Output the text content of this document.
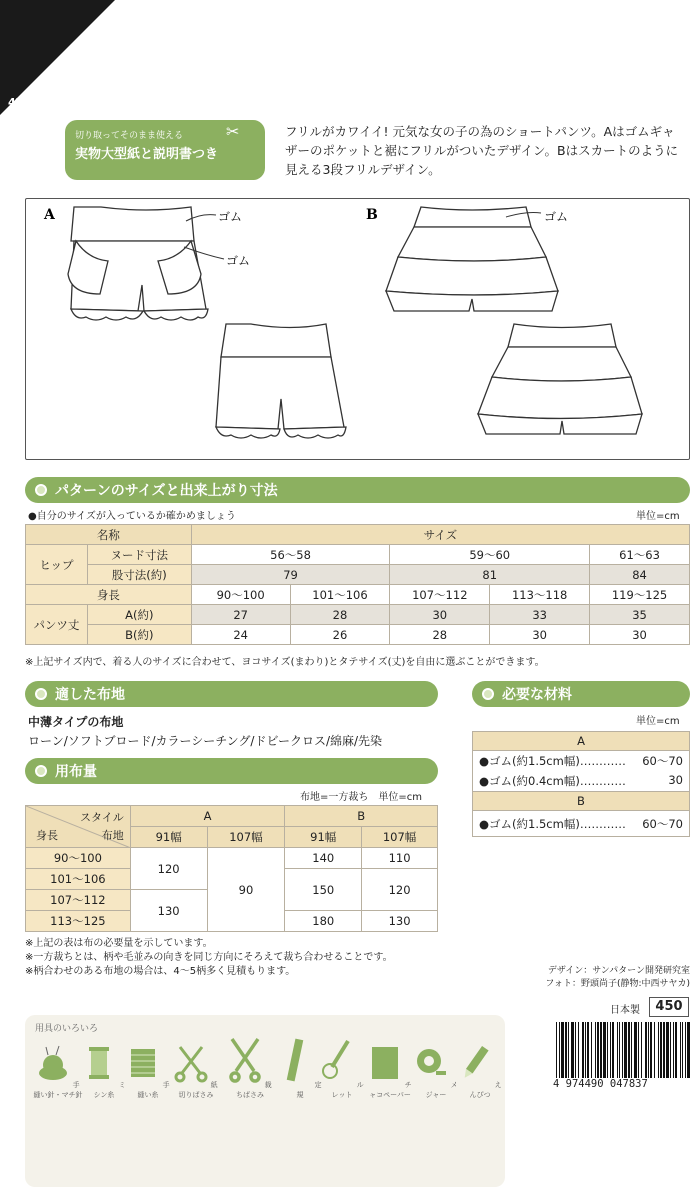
4783
切り取ってそのまま使える
実物大型紙と説明書つき
✂	フリルがカワイイ! 元気な女の子の為のショートパンツ。Aはゴムギャザーのポケットと裾にフリルがついたデザイン。Bはスカートのように見える3段フリルデザイン。
A	B
ゴム
ゴム
ゴム
パターンのサイズと出来上がり寸法
●自分のサイズが入っているか確かめましょう	単位=cm
名称		サイズ				
ヒップ	ヌード寸法	56〜58		59〜60		61〜63
	股寸法(約)	79		81		84
身長		90〜100	101〜106	107〜112	113〜118	119〜125
パンツ丈	A(約)	27	28	30	33	35
	B(約)	24	26	28	30	30
※上記サイズ内で、着る人のサイズに合わせて、ヨコサイズ(まわり)とタテサイズ(丈)を自由に選ぶことができます。
適した布地
中薄タイプの布地
ローン/ソフトブロード/カラーシーチング/ドビークロス/綿麻/先染
用布量
布地=一方裁ち　単位=cm
スタイル
身長 布地	A		B	
	91幅	107幅	91幅	107幅
90〜100	120	90	140	110
101〜106			150	120
107〜112	130			
113〜125			180	130
※上記の表は布の必要量を示しています。
※一方裁ちとは、柄や毛並みの向きを同じ方向にそろえて裁ち合わせることです。
※柄合わせのある布地の場合は、4〜5柄多く見積もります。
必要な材料
単位=cm
A
●ゴム(約1.5cm幅)………… 60〜70

●ゴム(約0.4cm幅)…………	30

B
●ゴム(約1.5cm幅)………… 60〜70
デザイン：サンパターン開発研究室
フォト：野頭尚子(静物:中西サヤカ)
日本製	450
用具のいろいろ
手縫い針・マチ針
ミシン糸
手縫い糸
紙切りばさみ
裁ちばさみ
定規
ルレット
チャコペーパー
メジャー
えんぴつ
4 974490 047837
